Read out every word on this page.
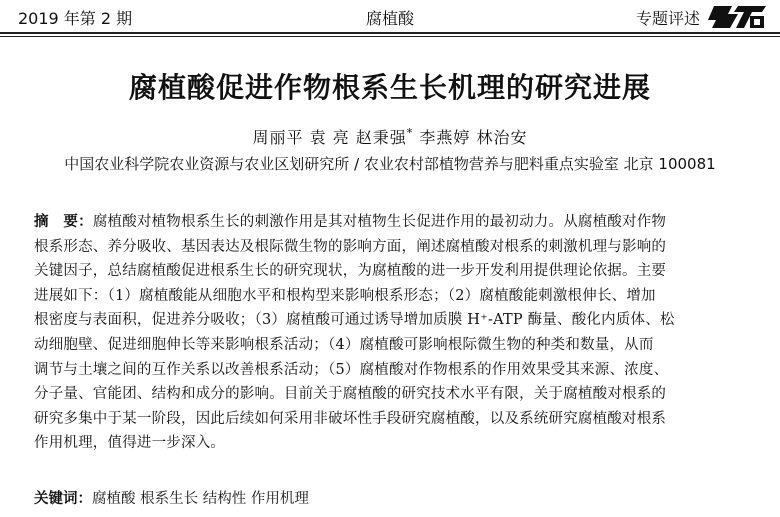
2019 年第 2 期	腐植酸	专题评述
腐植酸促进作物根系生长机理的研究进展
周丽平 袁 亮 赵秉强* 李燕婷 林治安
中国农业科学院农业资源与农业区划研究所 / 农业农村部植物营养与肥料重点实验室 北京 100081
摘　要：腐植酸对植物根系生长的刺激作用是其对植物生长促进作用的最初动力。从腐植酸对作物
根系形态、养分吸收、基因表达及根际微生物的影响方面，阐述腐植酸对根系的刺激机理与影响的
关键因子，总结腐植酸促进根系生长的研究现状，为腐植酸的进一步开发利用提供理论依据。主要
进展如下：（1）腐植酸能从细胞水平和根构型来影响根系形态；（2）腐植酸能刺激根伸长、增加
根密度与表面积，促进养分吸收；（3）腐植酸可通过诱导增加质膜 H⁺-ATP 酶量、酸化内质体、松
动细胞壁、促进细胞伸长等来影响根系活动；（4）腐植酸可影响根际微生物的种类和数量，从而
调节与土壤之间的互作关系以改善根系活动；（5）腐植酸对作物根系的作用效果受其来源、浓度、
分子量、官能团、结构和成分的影响。目前关于腐植酸的研究技术水平有限，关于腐植酸对根系的
研究多集中于某一阶段，因此后续如何采用非破坏性手段研究腐植酸，以及系统研究腐植酸对根系
作用机理，值得进一步深入。
关键词：腐植酸 根系生长 结构性 作用机理
